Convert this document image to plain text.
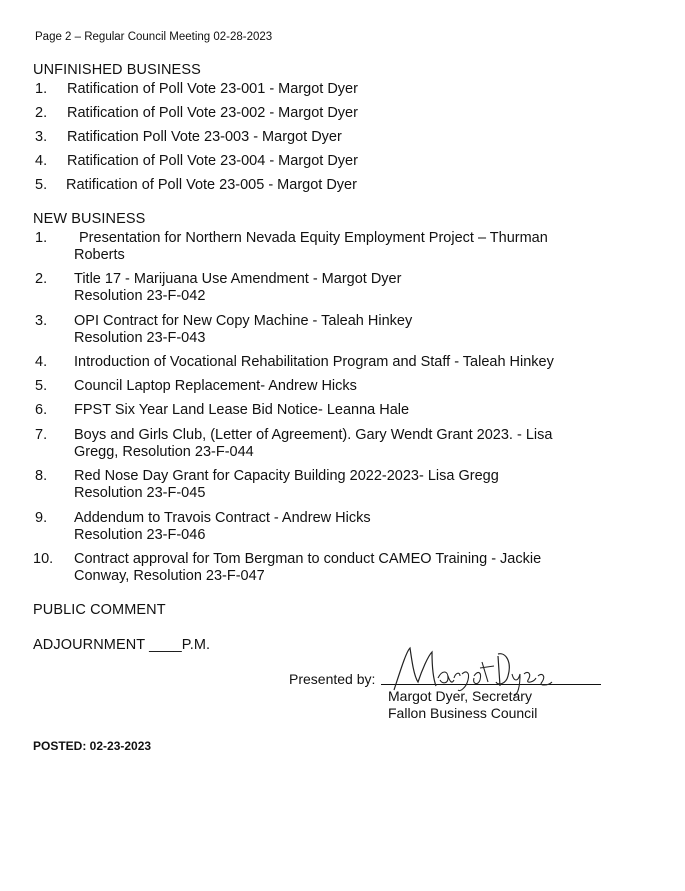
Page 2 – Regular Council Meeting 02-28-2023
UNFINISHED BUSINESS
1. Ratification of Poll Vote 23-001 - Margot Dyer
2. Ratification of Poll Vote 23-002 - Margot Dyer
3. Ratification Poll Vote 23-003 - Margot Dyer
4. Ratification of Poll Vote 23-004 - Margot Dyer
5. Ratification of Poll Vote 23-005 - Margot Dyer
NEW BUSINESS
1. Presentation for Northern Nevada Equity Employment Project – Thurman
Roberts
2. Title 17 - Marijuana Use Amendment - Margot Dyer
Resolution 23-F-042
3. OPI Contract for New Copy Machine - Taleah Hinkey
Resolution 23-F-043
4. Introduction of Vocational Rehabilitation Program and Staff - Taleah Hinkey
5. Council Laptop Replacement- Andrew Hicks
6. FPST Six Year Land Lease Bid Notice- Leanna Hale
7. Boys and Girls Club, (Letter of Agreement). Gary Wendt Grant 2023. - Lisa
Gregg, Resolution 23-F-044
8. Red Nose Day Grant for Capacity Building 2022-2023- Lisa Gregg
Resolution 23-F-045
9. Addendum to Travois Contract - Andrew Hicks
Resolution 23-F-046
10. Contract approval for Tom Bergman to conduct CAMEO Training - Jackie
Conway, Resolution 23-F-047
PUBLIC COMMENT
ADJOURNMENT ____P.M.
Presented by:
Margot Dyer, Secretary
Fallon Business Council
POSTED: 02-23-2023
